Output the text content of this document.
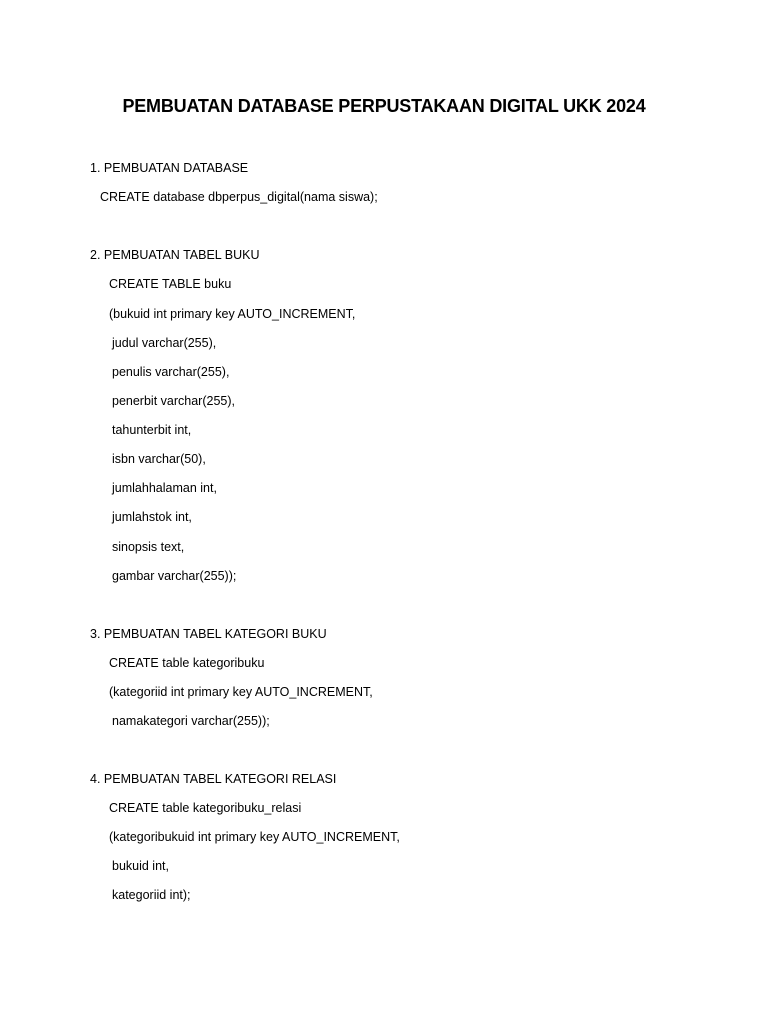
PEMBUATAN DATABASE PERPUSTAKAAN DIGITAL UKK 2024
1. PEMBUATAN DATABASE
CREATE database dbperpus_digital(nama siswa);
2. PEMBUATAN TABEL BUKU
CREATE TABLE buku
(bukuid int primary key AUTO_INCREMENT,
judul varchar(255),
penulis varchar(255),
penerbit varchar(255),
tahunterbit int,
isbn varchar(50),
jumlahhalaman int,
jumlahstok int,
sinopsis text,
gambar varchar(255));
3. PEMBUATAN TABEL KATEGORI BUKU
CREATE table kategoribuku
(kategoriid int primary key AUTO_INCREMENT,
namakategori varchar(255));
4. PEMBUATAN TABEL KATEGORI RELASI
CREATE table kategoribuku_relasi
(kategoribukuid int primary key AUTO_INCREMENT,
bukuid int,
kategoriid int);
